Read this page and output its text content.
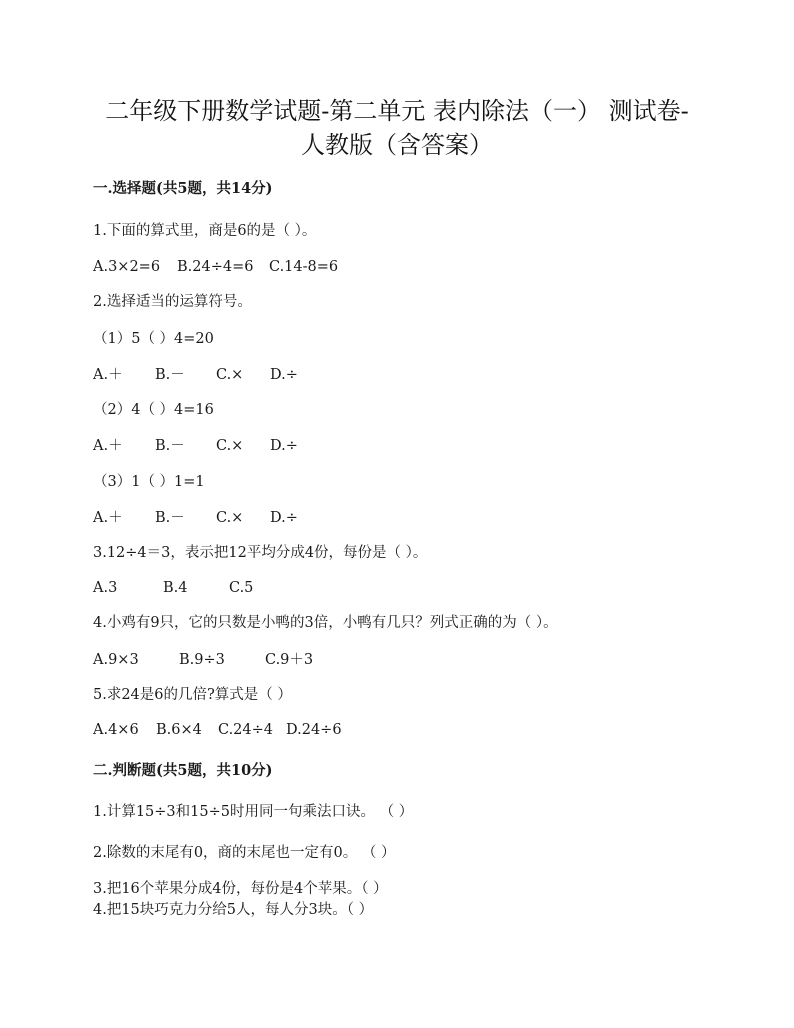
二年级下册数学试题-第二单元 表内除法（一） 测试卷-
人教版（含答案）
一.选择题(共5题，共14分)
1.下面的算式里，商是6的是（ ）。
A.3×2=6 B.24÷4=6 C.14-8=6
2.选择适当的运算符号。
（1）5（ ）4=20
A.＋ B.－ C.× D.÷
（2）4（ ）4=16
A.＋ B.－ C.× D.÷
（3）1（ ）1=1
A.＋ B.－ C.× D.÷
3.12÷4＝3，表示把12平均分成4份，每份是（ ）。
A.3	B.4	C.5
4.小鸡有9只，它的只数是小鸭的3倍，小鸭有几只？列式正确的为（ ）。
A.9×3	B.9÷3	C.9＋3
5.求24是6的几倍?算式是（ ）
A.4×6 B.6×4 C.24÷4 D.24÷6
二.判断题(共5题，共10分)
1.计算15÷3和15÷5时用同一句乘法口诀。 （ ）
2.除数的末尾有0，商的末尾也一定有0。 （ ）
3.把16个苹果分成4份，每份是4个苹果。（ ）
4.把15块巧克力分给5人，每人分3块。（ ）
